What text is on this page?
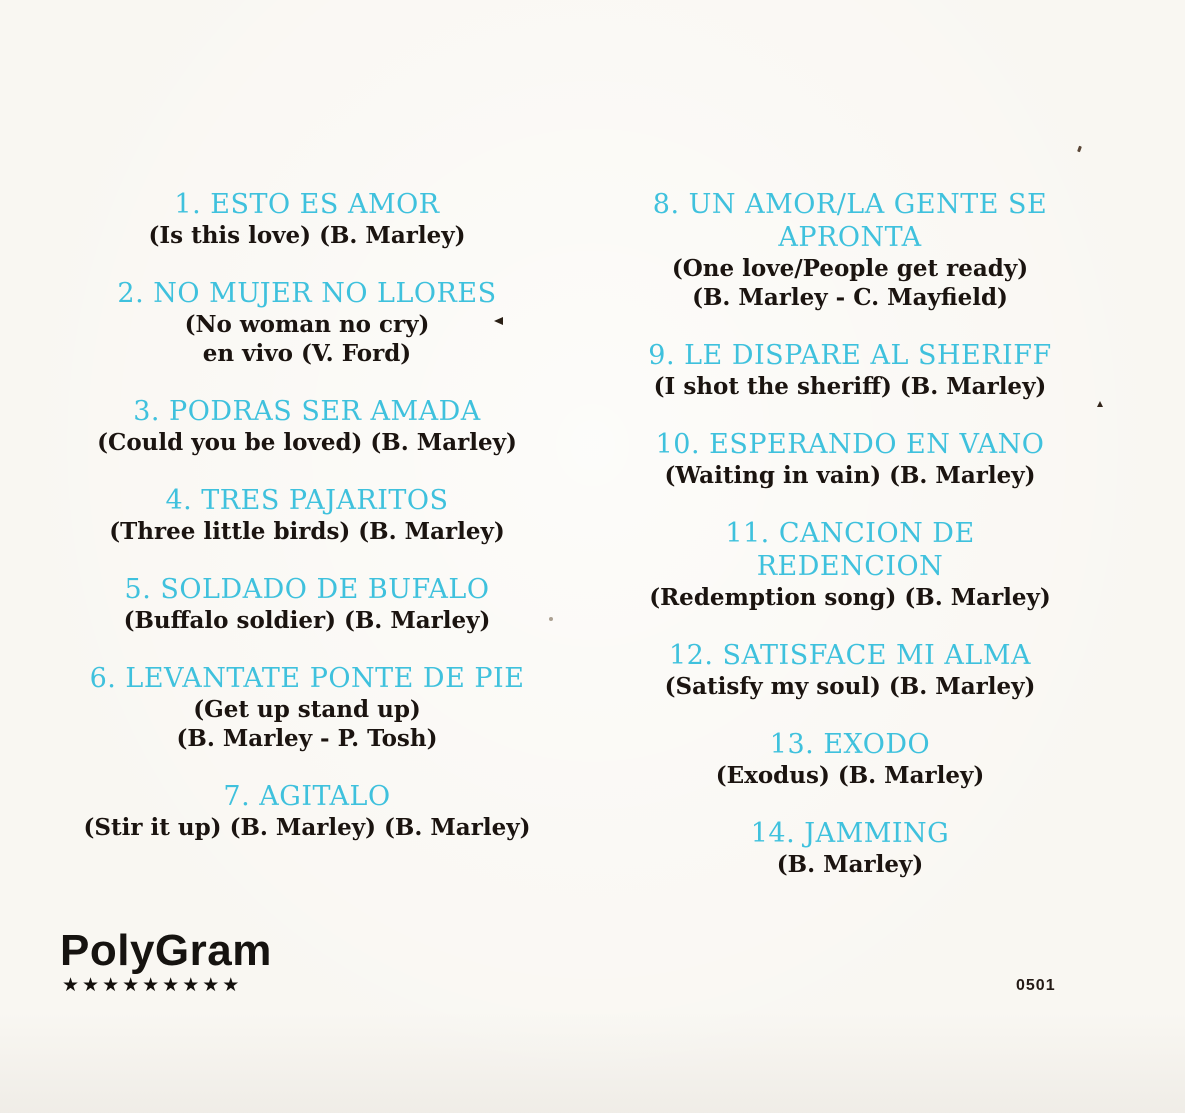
1. ESTO ES AMOR
(Is this love) (B. Marley)
2. NO MUJER NO LLORES
(No woman no cry)
en vivo (V. Ford)
3. PODRAS SER AMADA
(Could you be loved) (B. Marley)
4. TRES PAJARITOS
(Three little birds) (B. Marley)
5. SOLDADO DE BUFALO
(Buffalo soldier) (B. Marley)
6. LEVANTATE PONTE DE PIE
(Get up stand up)
(B. Marley - P. Tosh)
7. AGITALO
(Stir it up) (B. Marley) (B. Marley)
8. UN AMOR/LA GENTE SE
APRONTA
(One love/People get ready)
(B. Marley - C. Mayfield)
9. LE DISPARE AL SHERIFF
(I shot the sheriff) (B. Marley)
10. ESPERANDO EN VANO
(Waiting in vain) (B. Marley)
11. CANCION DE
REDENCION
(Redemption song) (B. Marley)
12. SATISFACE MI ALMA
(Satisfy my soul) (B. Marley)
13. EXODO
(Exodus) (B. Marley)
14. JAMMING
(B. Marley)
PolyGram
★★★★★★★★★	0501
